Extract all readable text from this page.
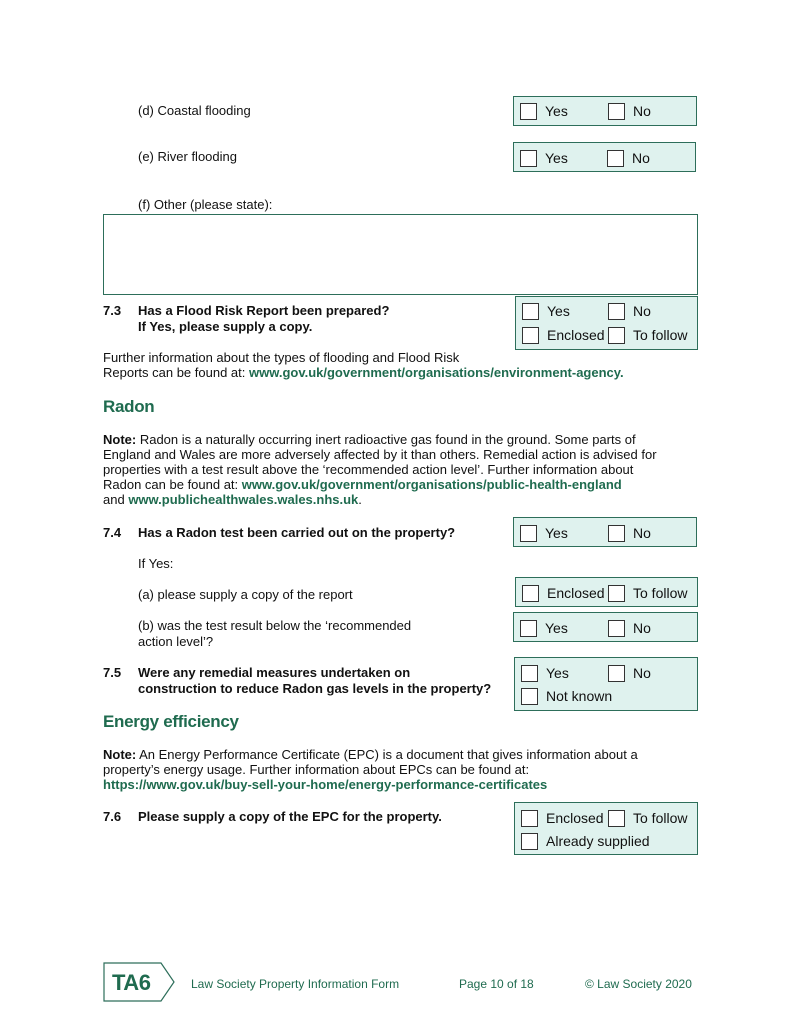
(d) Coastal flooding	Yes	No
(e) River flooding	Yes	No
(f) Other (please state):
7.3 Has a Flood Risk Report been prepared?
If Yes, please supply a copy.
Yes	No
Enclosed To follow
Further information about the types of flooding and Flood Risk
Reports can be found at: www.gov.uk/government/organisations/environment-agency.
Radon
Note: Radon is a naturally occurring inert radioactive gas found in the ground. Some parts of
England and Wales are more adversely affected by it than others. Remedial action is advised for
properties with a test result above the ‘recommended action level’. Further information about
Radon can be found at: www.gov.uk/government/organisations/public-health-england
and www.publichealthwales.wales.nhs.uk.
7.4 Has a Radon test been carried out on the property?	Yes	No
If Yes:
(a) please supply a copy of the report	Enclosed To follow
(b) was the test result below the ‘recommended
action level’?
Yes	No
7.5 Were any remedial measures undertaken on
construction to reduce Radon gas levels in the property?
Yes	No
Not known
Energy efficiency
Note: An Energy Performance Certificate (EPC) is a document that gives information about a
property’s energy usage. Further information about EPCs can be found at:
https://www.gov.uk/buy-sell-your-home/energy-performance-certificates
7.6 Please supply a copy of the EPC for the property.	Enclosed To follow
Already supplied
TA6	Law Society Property Information Form	Page 10 of 18	© Law Society 2020
